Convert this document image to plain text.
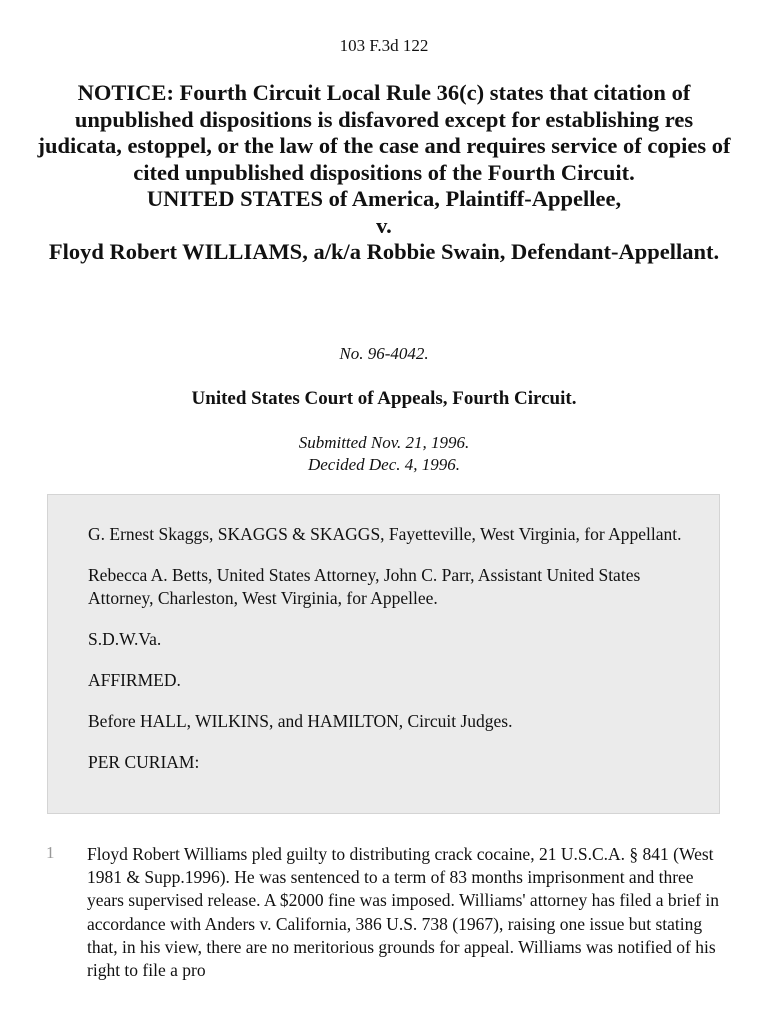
103 F.3d 122
NOTICE: Fourth Circuit Local Rule 36(c) states that citation of unpublished dispositions is disfavored except for establishing res judicata, estoppel, or the law of the case and requires service of copies of cited unpublished dispositions of the Fourth Circuit.
UNITED STATES of America, Plaintiff-Appellee,
v.
Floyd Robert WILLIAMS, a/k/a Robbie Swain, Defendant-Appellant.
No. 96-4042.
United States Court of Appeals, Fourth Circuit.
Submitted Nov. 21, 1996.
Decided Dec. 4, 1996.

G. Ernest Skaggs, SKAGGS & SKAGGS, Fayetteville, West Virginia, for Appellant.

Rebecca A. Betts, United States Attorney, John C. Parr, Assistant United States Attorney, Charleston, West Virginia, for Appellee.

S.D.W.Va.

AFFIRMED.

Before HALL, WILKINS, and HAMILTON, Circuit Judges.

PER CURIAM:

1 Floyd Robert Williams pled guilty to distributing crack cocaine, 21 U.S.C.A. § 841 (West 1981 & Supp.1996). He was sentenced to a term of 83 months imprisonment and three years supervised release. A $2000 fine was imposed. Williams' attorney has filed a brief in accordance with Anders v. California, 386 U.S. 738 (1967), raising one issue but stating that, in his view, there are no meritorious grounds for appeal. Williams was notified of his right to file a pro
